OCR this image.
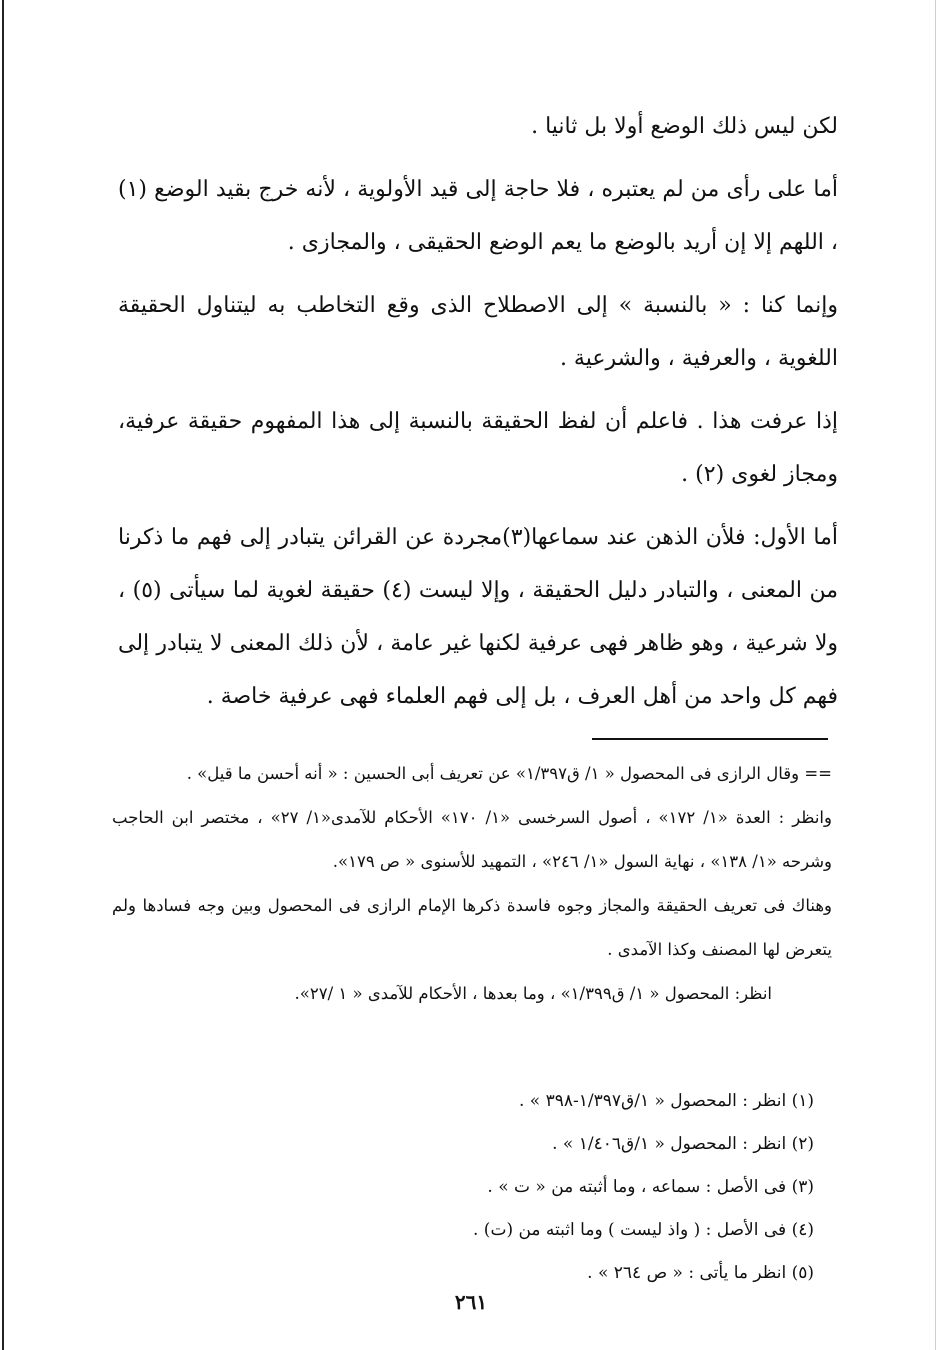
لكن ليس ذلك الوضع أولا بل ثانيا .

أما على رأى من لم يعتبره ، فلا حاجة إلى قيد الأولوية ، لأنه خرج بقيد الوضع (١) ، اللهم إلا إن أريد بالوضع ما يعم الوضع الحقيقى ، والمجازى .

وإنما كنا : « بالنسبة » إلى الاصطلاح الذى وقع التخاطب به ليتناول الحقيقة اللغوية ، والعرفية ، والشرعية .

إذا عرفت هذا . فاعلم أن لفظ الحقيقة بالنسبة إلى هذا المفهوم حقيقة عرفية، ومجاز لغوى (٢) .

أما الأول: فلأن الذهن عند سماعها(٣)مجردة عن القرائن يتبادر إلى فهم ما ذكرنا من المعنى ، والتبادر دليل الحقيقة ، وإلا ليست (٤) حقيقة لغوية لما سيأتى (٥) ، ولا شرعية ، وهو ظاهر فهى عرفية لكنها غير عامة ، لأن ذلك المعنى لا يتبادر إلى فهم كل واحد من أهل العرف ، بل إلى فهم العلماء فهى عرفية خاصة .

== وقال الرازى فى المحصول « ١/ ق١/٣٩٧» عن تعريف أبى الحسين : « أنه أحسن ما قيل» .

وانظر : العدة «١/ ١٧٢» ، أصول السرخسى «١/ ١٧٠» الأحكام للآمدى«١/ ٢٧» ، مختصر ابن الحاجب وشرحه «١/ ١٣٨» ، نهاية السول «١/ ٢٤٦» ، التمهيد للأسنوى « ص ١٧٩».

وهناك فى تعريف الحقيقة والمجاز وجوه فاسدة ذكرها الإمام الرازى فى المحصول وبين وجه فسادها ولم يتعرض لها المصنف وكذا الآمدى .

انظر: المحصول « ١/ ق١/٣٩٩» ، وما بعدها ، الأحكام للآمدى « ١ /٢٧».

(١) انظر : المحصول « ١/ق١/٣٩٧-٣٩٨ » .

(٢) انظر : المحصول « ١/ق١/٤٠٦ » .

(٣) فى الأصل : سماعه ، وما أثبته من « ت » .

(٤) فى الأصل : ( واذ ليست ) وما اثبته من (ت) .

(٥) انظر ما يأتى : « ص ٢٦٤ » .

٢٦١
